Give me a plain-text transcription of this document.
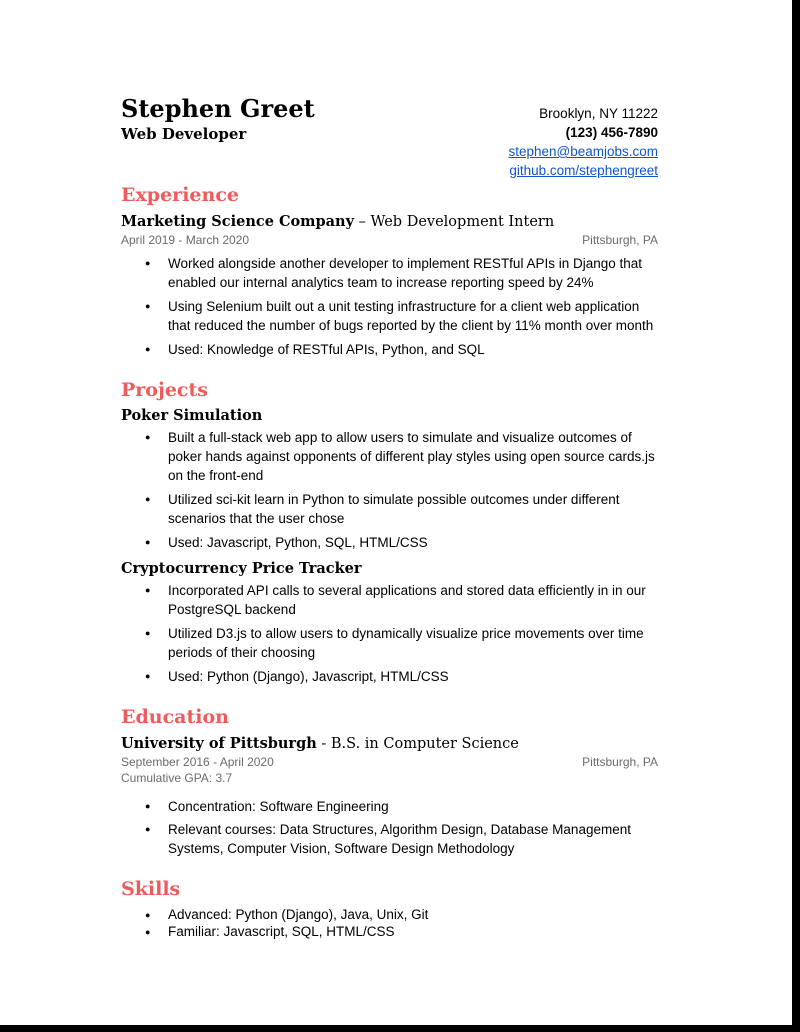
Stephen Greet
Web Developer
Brooklyn, NY 11222
(123) 456-7890
stephen@beamjobs.com
github.com/stephengreet
Experience
Marketing Science Company – Web Development Intern
April 2019 - March 2020	Pittsburgh, PA
● Worked alongside another developer to implement RESTful APIs in Django that enabled our internal analytics team to increase reporting speed by 24%
● Using Selenium built out a unit testing infrastructure for a client web application that reduced the number of bugs reported by the client by 11% month over month
● Used: Knowledge of RESTful APIs, Python, and SQL
Projects
Poker Simulation
● Built a full-stack web app to allow users to simulate and visualize outcomes of poker hands against opponents of different play styles using open source cards.js on the front-end
● Utilized sci-kit learn in Python to simulate possible outcomes under different scenarios that the user chose
● Used: Javascript, Python, SQL, HTML/CSS
Cryptocurrency Price Tracker
● Incorporated API calls to several applications and stored data efficiently in in our PostgreSQL backend
● Utilized D3.js to allow users to dynamically visualize price movements over time periods of their choosing
● Used: Python (Django), Javascript, HTML/CSS
Education
University of Pittsburgh - B.S. in Computer Science
September 2016 - April 2020	Pittsburgh, PA
Cumulative GPA: 3.7
● Concentration: Software Engineering
● Relevant courses: Data Structures, Algorithm Design, Database Management Systems, Computer Vision, Software Design Methodology
Skills
● Advanced: Python (Django), Java, Unix, Git
● Familiar: Javascript, SQL, HTML/CSS
